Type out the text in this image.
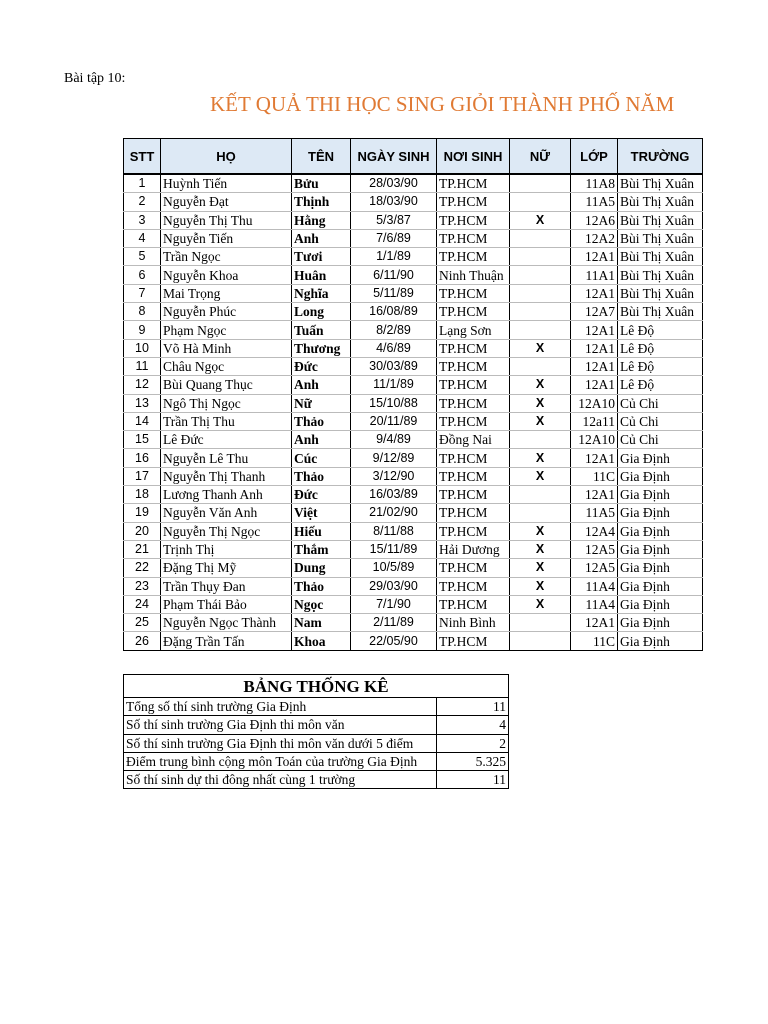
Bài tập 10:
KẾT QUẢ THI HỌC SING GIỎI THÀNH PHỐ NĂM
STT	HỌ	TÊN	NGÀY SINH	NƠI SINH	NỮ	LỚP	TRƯỜNG
1	Huỳnh Tiến	Bửu	28/03/90	TP.HCM		11A8	Bùi Thị Xuân
2	Nguyễn Đạt	Thịnh	18/03/90	TP.HCM		11A5	Bùi Thị Xuân
3	Nguyễn Thị Thu	Hằng	5/3/87	TP.HCM	X	12A6	Bùi Thị Xuân
4	Nguyễn Tiến	Anh	7/6/89	TP.HCM		12A2	Bùi Thị Xuân
5	Trần Ngọc	Tươi	1/1/89	TP.HCM		12A1	Bùi Thị Xuân
6	Nguyễn Khoa	Huân	6/11/90	Ninh Thuận		11A1	Bùi Thị Xuân
7	Mai Trọng	Nghĩa	5/11/89	TP.HCM		12A1	Bùi Thị Xuân
8	Nguyễn Phúc	Long	16/08/89	TP.HCM		12A7	Bùi Thị Xuân
9	Phạm Ngọc	Tuấn	8/2/89	Lạng Sơn		12A1	Lê Độ
10	Võ Hà Minh	Thương	4/6/89	TP.HCM	X	12A1	Lê Độ
11	Châu Ngọc	Đức	30/03/89	TP.HCM		12A1	Lê Độ
12	Bùi Quang Thục	Anh	11/1/89	TP.HCM	X	12A1	Lê Độ
13	Ngô Thị Ngọc	Nữ	15/10/88	TP.HCM	X	12A10	Củ Chi
14	Trần Thị Thu	Thảo	20/11/89	TP.HCM	X	12a11	Củ Chi
15	Lê Đức	Anh	9/4/89	Đồng Nai		12A10	Củ Chi
16	Nguyễn Lê Thu	Cúc	9/12/89	TP.HCM	X	12A1	Gia Định
17	Nguyễn Thị Thanh	Thảo	3/12/90	TP.HCM	X	11C	Gia Định
18	Lương Thanh Anh	Đức	16/03/89	TP.HCM		12A1	Gia Định
19	Nguyễn Văn Anh	Việt	21/02/90	TP.HCM		11A5	Gia Định
20	Nguyễn Thị Ngọc	Hiếu	8/11/88	TP.HCM	X	12A4	Gia Định
21	Trịnh Thị	Thắm	15/11/89	Hải Dương	X	12A5	Gia Định
22	Đặng Thị Mỹ	Dung	10/5/89	TP.HCM	X	12A5	Gia Định
23	Trần Thụy Đan	Thảo	29/03/90	TP.HCM	X	11A4	Gia Định
24	Phạm Thái Bảo	Ngọc	7/1/90	TP.HCM	X	11A4	Gia Định
25	Nguyễn Ngọc Thành	Nam	2/11/89	Ninh Bình		12A1	Gia Định
26	Đặng Trần Tấn	Khoa	22/05/90	TP.HCM		11C	Gia Định
BẢNG THỐNG KÊ	
Tổng số thí sinh trường Gia Định	11
Số thí sinh trường Gia Định thi môn văn	4
Số thí sinh trường Gia Định thi môn văn dưới 5 điểm	2
Điểm trung bình cộng môn Toán của trường Gia Định	5.325
Số thí sinh dự thi đông nhất cùng 1 trường	11
